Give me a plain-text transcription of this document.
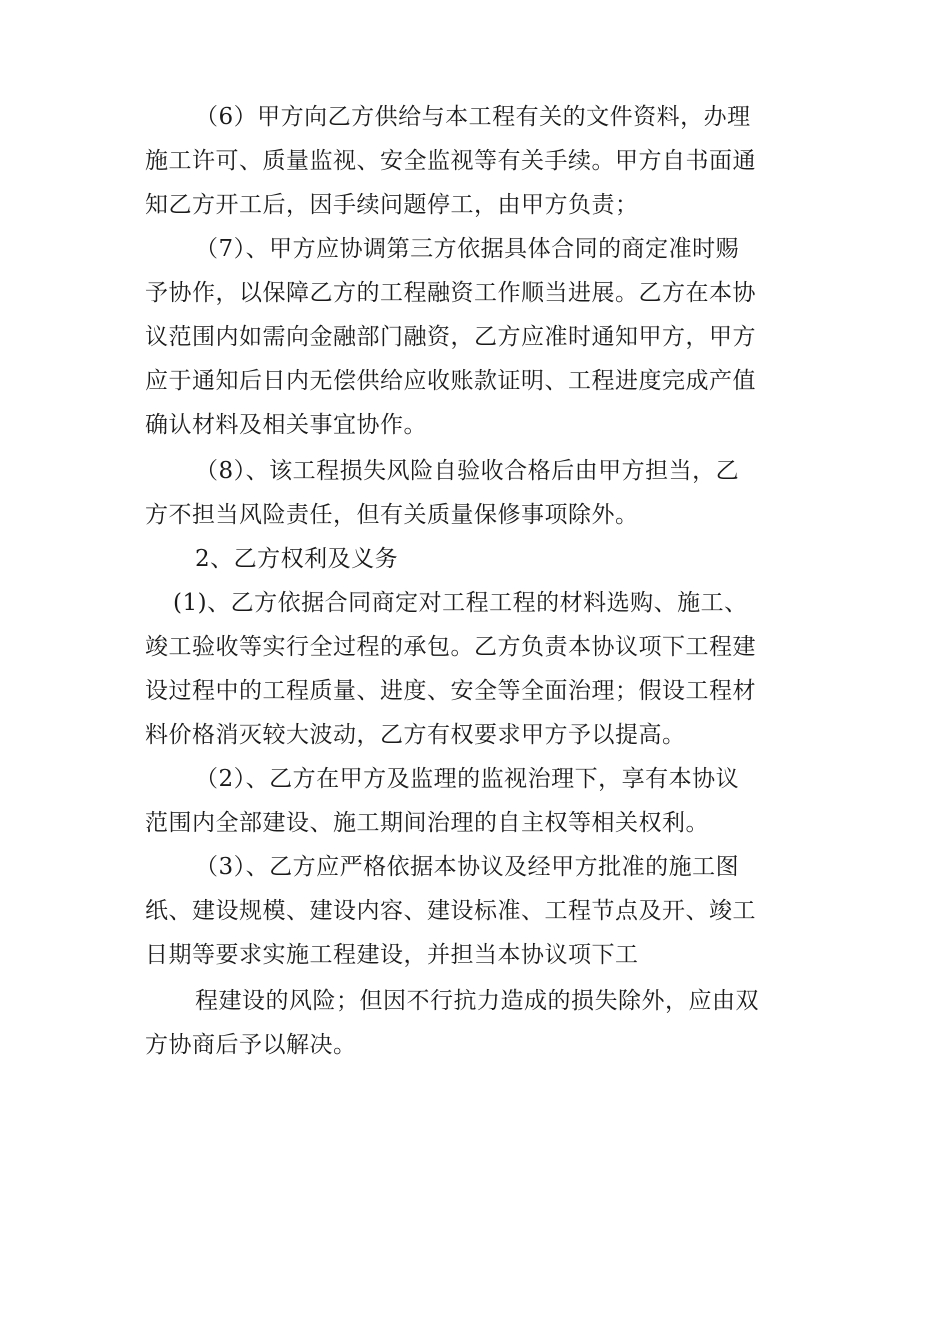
（6）甲方向乙方供给与本工程有关的文件资料，办理
施工许可、质量监视、安全监视等有关手续。甲方自书面通
知乙方开工后，因手续问题停工，由甲方负责；
（7）、甲方应协调第三方依据具体合同的商定准时赐
予协作，以保障乙方的工程融资工作顺当进展。乙方在本协
议范围内如需向金融部门融资，乙方应准时通知甲方，甲方
应于通知后日内无偿供给应收账款证明、工程进度完成产值
确认材料及相关事宜协作。
（8）、该工程损失风险自验收合格后由甲方担当，乙
方不担当风险责任，但有关质量保修事项除外。
2、乙方权利及义务
(1)、乙方依据合同商定对工程工程的材料选购、施工、
竣工验收等实行全过程的承包。乙方负责本协议项下工程建
设过程中的工程质量、进度、安全等全面治理；假设工程材
料价格消灭较大波动，乙方有权要求甲方予以提高。
（2）、乙方在甲方及监理的监视治理下，享有本协议
范围内全部建设、施工期间治理的自主权等相关权利。
（3）、乙方应严格依据本协议及经甲方批准的施工图
纸、建设规模、建设内容、建设标准、工程节点及开、竣工
日期等要求实施工程建设，并担当本协议项下工
程建设的风险；但因不行抗力造成的损失除外，应由双
方协商后予以解决。
